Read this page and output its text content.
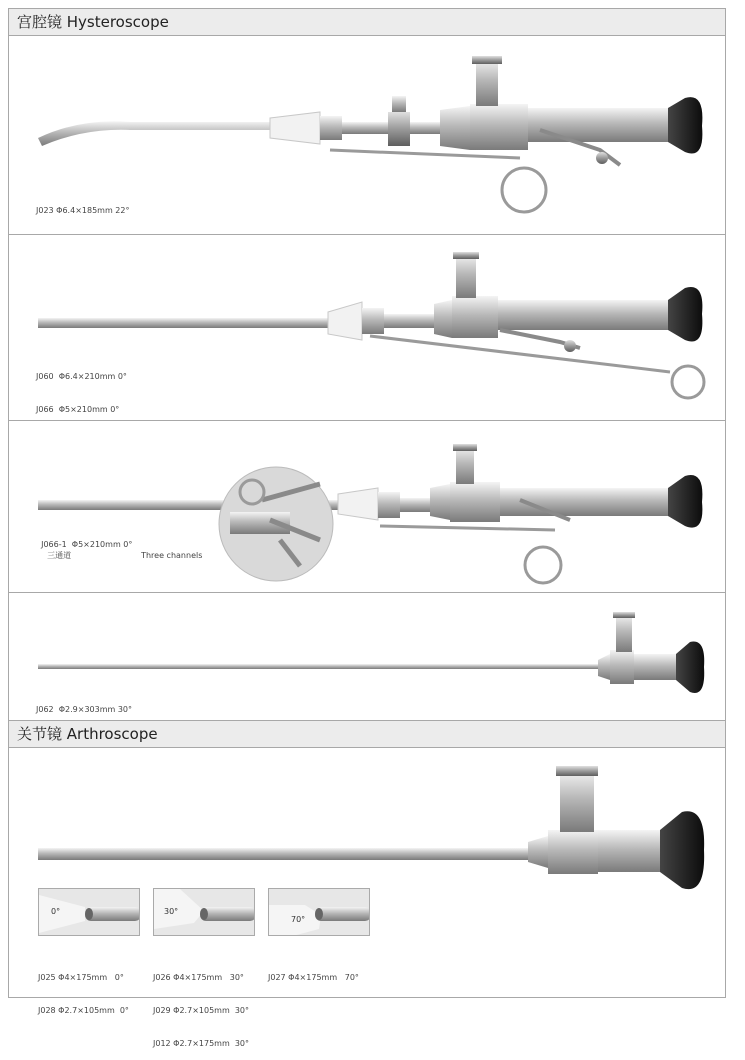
宫腔镜 Hysteroscope
关节镜 Arthroscope

J023 Φ6.4×185mm 22°

J060  Φ6.4×210mm 0°

J066  Φ5×210mm 0°

J066-1  Φ5×210mm 0°
三通道	Three channels

J062  Φ2.9×303mm 30°

0°	30°
70°

J025 Φ4×175mm   0°

J028 Φ2.7×105mm  0°

J026 Φ4×175mm   30°

J029 Φ2.7×105mm  30°

J012 Φ2.7×175mm  30°

J027 Φ4×175mm   70°
